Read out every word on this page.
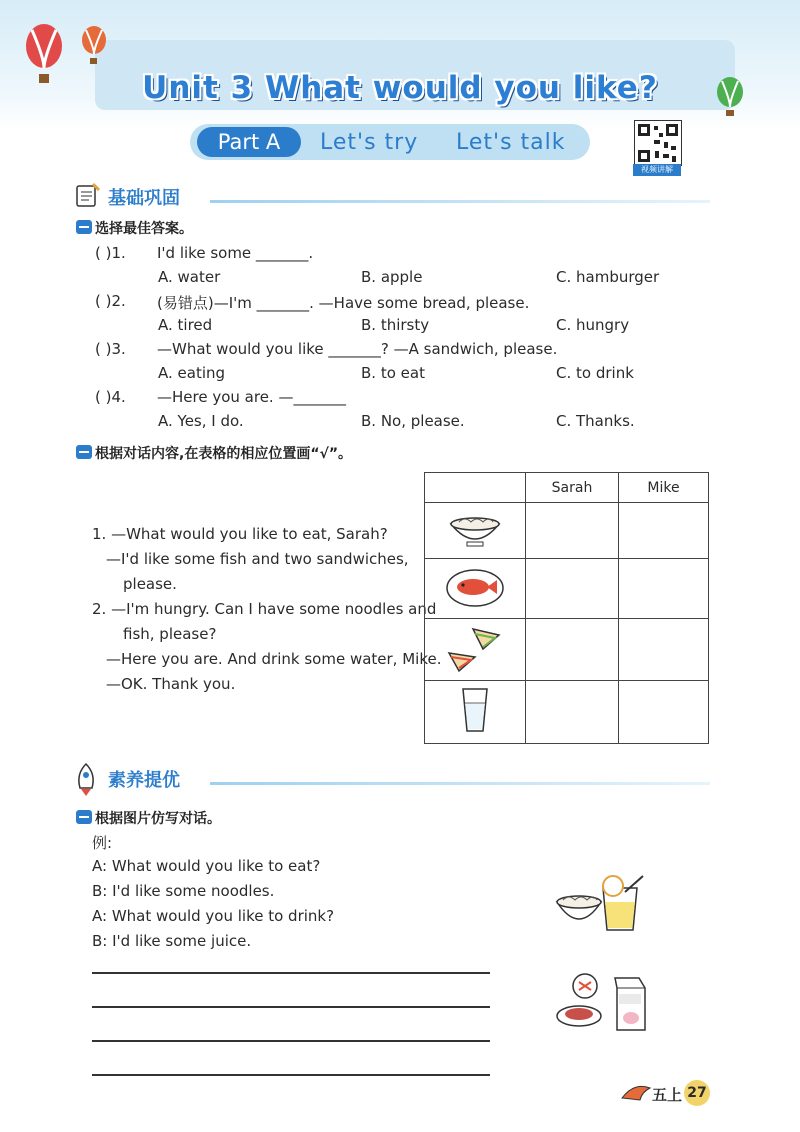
Unit 3 What would you like?
Part A	Let's try Let's talk
视频讲解
基础巩固
选择最佳答案。
( )1. I'd like some _______.
A. water	B. apple	C. hamburger
( )2. (易错点)—I'm _______. —Have some bread, please.
A. tired	B. thirsty	C. hungry
( )3. —What would you like _______? —A sandwich, please.
A. eating	B. to eat	C. to drink
( )4. —Here you are. —_______
A. Yes, I do.	B. No, please.	C. Thanks.
根据对话内容,在表格的相应位置画“√”。
1. —What would you like to eat, Sarah?
—I'd like some fish and two sandwiches,
please.
2. —I'm hungry. Can I have some noodles and
fish, please?
—Here you are. And drink some water, Mike.
—OK. Thank you.
	Sarah	Mike

素养提优
根据图片仿写对话。
例:
A: What would you like to eat?
B: I'd like some noodles.
A: What would you like to drink?
B: I'd like some juice.
五上 27
